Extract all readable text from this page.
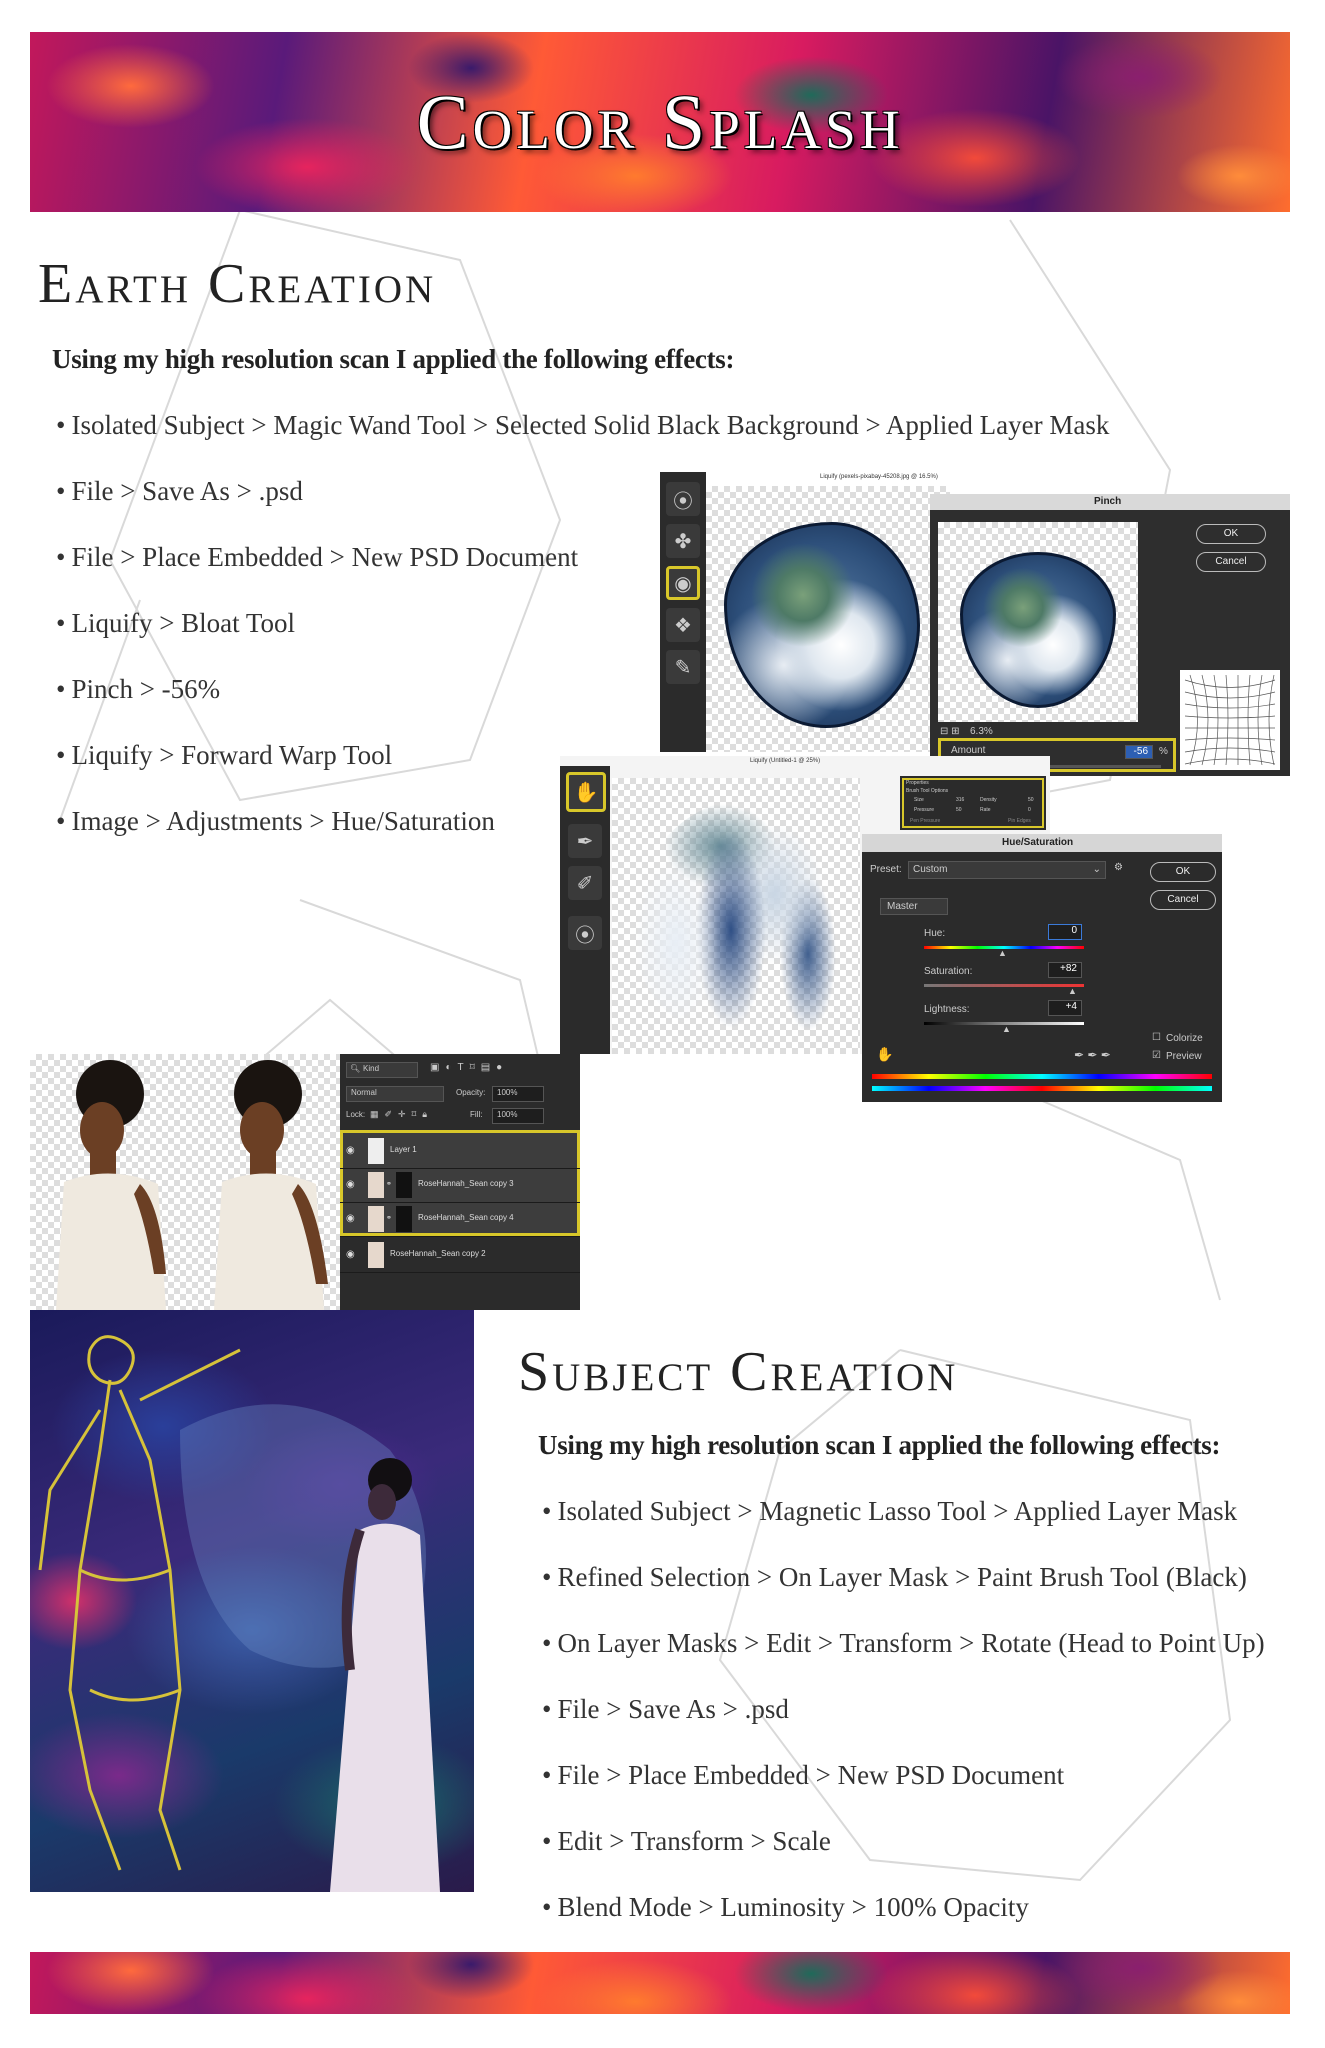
Color Splash
Earth Creation
Using my high resolution scan I applied the following effects:
• Isolated Subject > Magic Wand Tool > Selected Solid Black Background > Applied Layer Mask
• File > Save As > .psd
• File > Place Embedded > New PSD Document
• Liquify > Bloat Tool
• Pinch > -56%
• Liquify > Forward Warp Tool
• Image > Adjustments > Hue/Saturation
Liquify (pexels-pixabay-45208.jpg @ 16.5%)
⦿
✤
◉
❖
✎
Pinch
OK
Cancel
⊟ ⊞ 6.3%
Amount	-56	%
Liquify (Untitled-1 @ 25%)
✋
✒
✐
⦿
Properties
Brush Tool Options
Size	316	Density	50
Pressure	50	Rate	0
Pen Pressure	Pin Edges
Hue/Saturation
Preset: Custom	⌄ ⚙	OK
Cancel
Master
Hue:	0
▲
Saturation:	+82
▲
Lightness:	+4
▲
✋	✒ ✒ ✒
☐ Colorize
☑ Preview
🔍︎ Kind	▣◐T⌑▤●
Normal	Opacity: 100%
Lock: ▦✐✛⌑🔒︎	Fill: 100%
◉	Layer 1
◉	⚭	RoseHannah_Sean copy 3
◉	⚭	RoseHannah_Sean copy 4
◉	RoseHannah_Sean copy 2
Subject Creation
Using my high resolution scan I applied the following effects:
• Isolated Subject > Magnetic Lasso Tool > Applied Layer Mask
• Refined Selection > On Layer Mask > Paint Brush Tool (Black)
• On Layer Masks > Edit > Transform > Rotate (Head to Point Up)
• File > Save As > .psd
• File > Place Embedded > New PSD Document
• Edit > Transform > Scale
• Blend Mode > Luminosity > 100% Opacity
